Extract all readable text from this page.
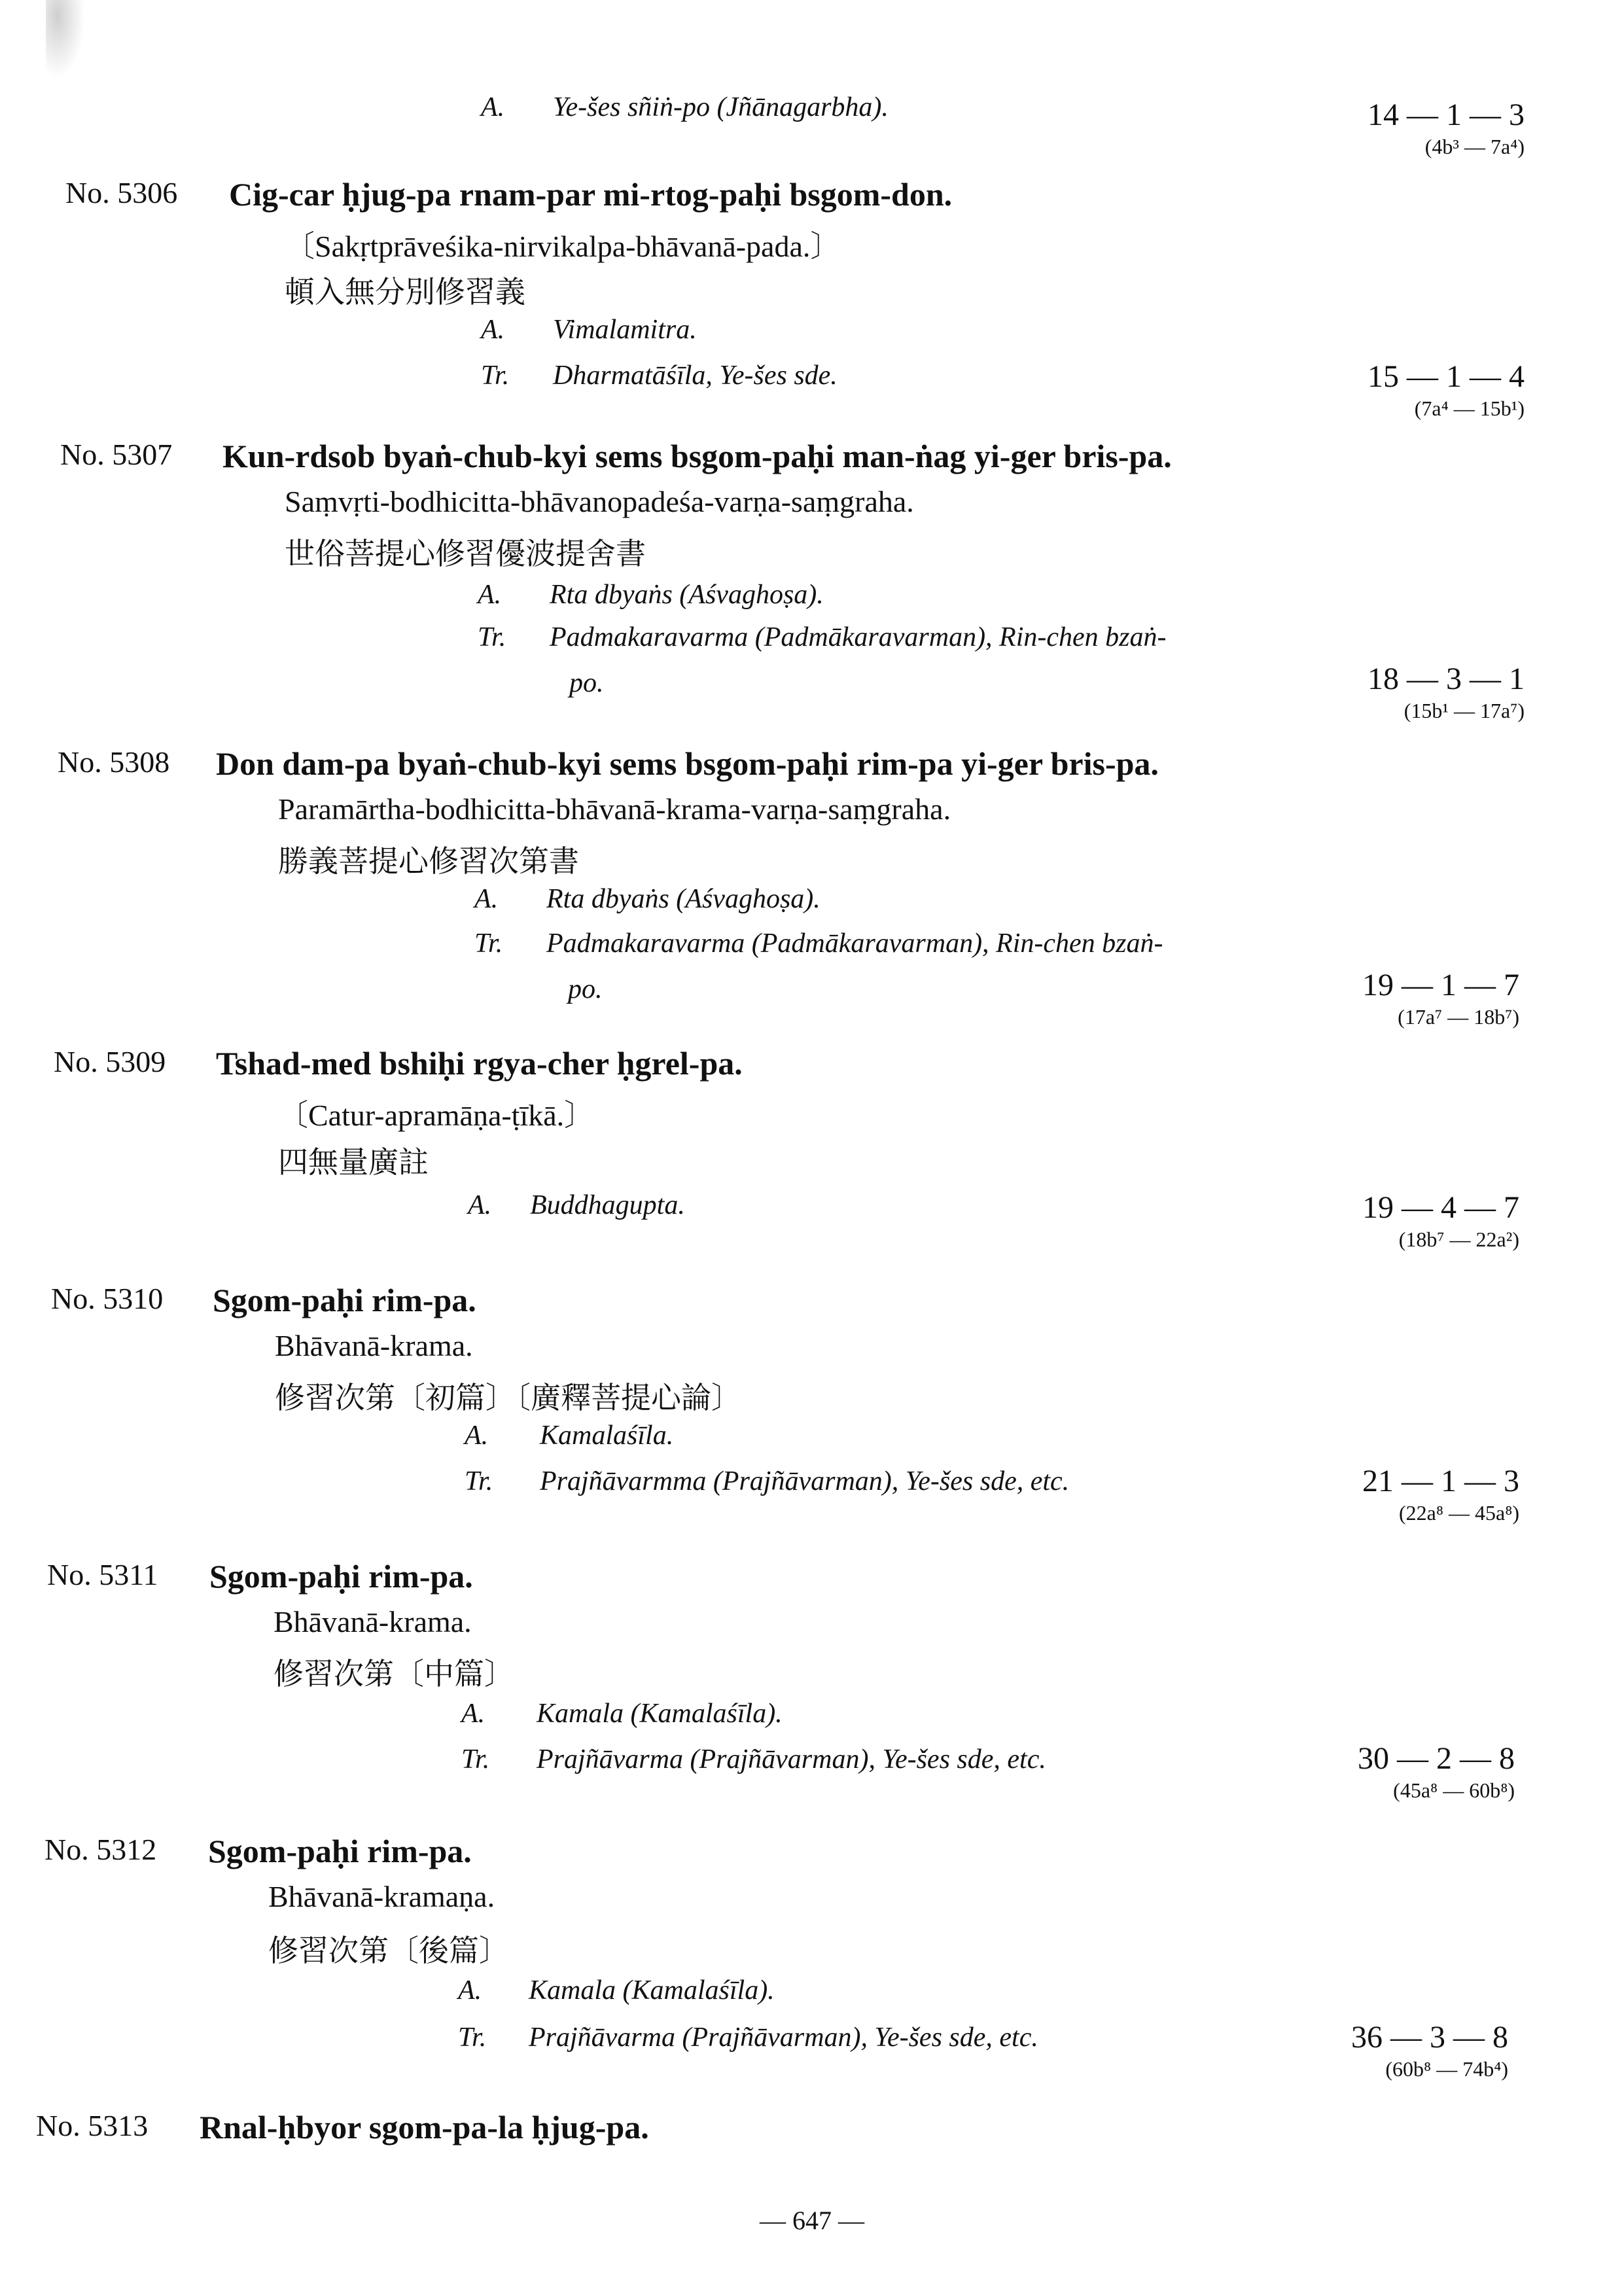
A. Ye-šes sñiṅ-po (Jñānagarbha).	14 — 1 — 3
(4b³ — 7a⁴)
No. 5306 Cig-car ḥjug-pa rnam-par mi-rtog-paḥi bsgom-don.
〔Sakṛtprāveśika-nirvikalpa-bhāvanā-pada.〕
頓入無分別修習義
A. Vimalamitra.
Tr. Dharmatāśīla, Ye-šes sde.	15 — 1 — 4
(7a⁴ — 15b¹)
No. 5307 Kun-rdsob byaṅ-chub-kyi sems bsgom-paḥi man-ṅag yi-ger bris-pa.
Saṃvṛti-bodhicitta-bhāvanopadeśa-varṇa-saṃgraha.
世俗菩提心修習優波提舍書
A. Rta dbyaṅs (Aśvaghoṣa).
Tr. Padmakaravarma (Padmākaravarman), Rin-chen bzaṅ-
po.	18 — 3 — 1
(15b¹ — 17a⁷)
No. 5308 Don dam-pa byaṅ-chub-kyi sems bsgom-paḥi rim-pa yi-ger bris-pa.
Paramārtha-bodhicitta-bhāvanā-krama-varṇa-saṃgraha.
勝義菩提心修習次第書
A. Rta dbyaṅs (Aśvaghoṣa).
Tr. Padmakaravarma (Padmākaravarman), Rin-chen bzaṅ-
po.	19 — 1 — 7
(17a⁷ — 18b⁷)
No. 5309 Tshad-med bshiḥi rgya-cher ḥgrel-pa.
〔Catur-apramāṇa-ṭīkā.〕
四無量廣註
A. Buddhagupta.	19 — 4 — 7
(18b⁷ — 22a²)
No. 5310 Sgom-paḥi rim-pa.
Bhāvanā-krama.
修習次第〔初篇〕〔廣釋菩提心論〕
A. Kamalaśīla.
Tr. Prajñāvarmma (Prajñāvarman), Ye-šes sde, etc.	21 — 1 — 3
(22a⁸ — 45a⁸)
No. 5311 Sgom-paḥi rim-pa.
Bhāvanā-krama.
修習次第〔中篇〕
A. Kamala (Kamalaśīla).
Tr. Prajñāvarma (Prajñāvarman), Ye-šes sde, etc.	30 — 2 — 8
(45a⁸ — 60b⁸)
No. 5312 Sgom-paḥi rim-pa.
Bhāvanā-kramaṇa.
修習次第〔後篇〕
A. Kamala (Kamalaśīla).
Tr. Prajñāvarma (Prajñāvarman), Ye-šes sde, etc.	36 — 3 — 8
(60b⁸ — 74b⁴)
No. 5313 Rnal-ḥbyor sgom-pa-la ḥjug-pa.
— 647 —
